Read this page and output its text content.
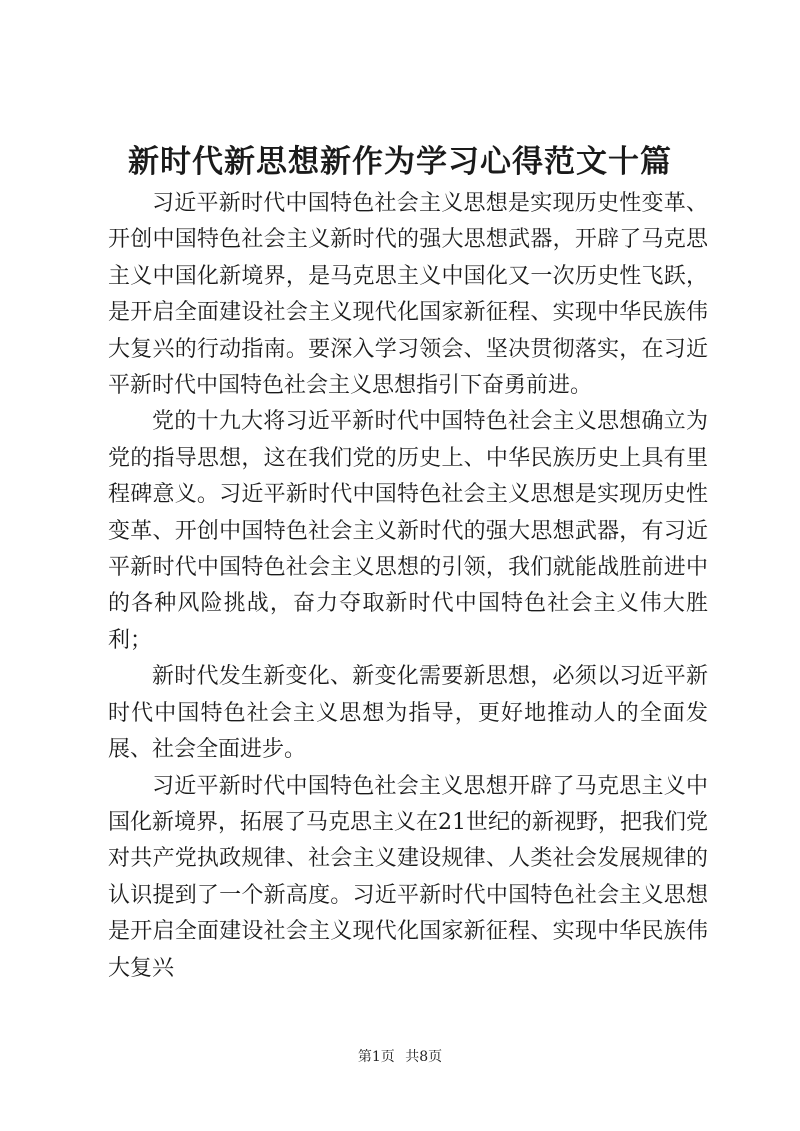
新时代新思想新作为学习心得范文十篇

习近平新时代中国特色社会主义思想是实现历史性变革、开创中国特色社会主义新时代的强大思想武器，开辟了马克思主义中国化新境界，是马克思主义中国化又一次历史性飞跃，是开启全面建设社会主义现代化国家新征程、实现中华民族伟大复兴的行动指南。要深入学习领会、坚决贯彻落实，在习近平新时代中国特色社会主义思想指引下奋勇前进。

党的十九大将习近平新时代中国特色社会主义思想确立为党的指导思想，这在我们党的历史上、中华民族历史上具有里程碑意义。习近平新时代中国特色社会主义思想是实现历史性变革、开创中国特色社会主义新时代的强大思想武器，有习近平新时代中国特色社会主义思想的引领，我们就能战胜前进中的各种风险挑战，奋力夺取新时代中国特色社会主义伟大胜利；

新时代发生新变化、新变化需要新思想，必须以习近平新时代中国特色社会主义思想为指导，更好地推动人的全面发展、社会全面进步。

习近平新时代中国特色社会主义思想开辟了马克思主义中国化新境界，拓展了马克思主义在21世纪的新视野，把我们党对共产党执政规律、社会主义建设规律、人类社会发展规律的认识提到了一个新高度。习近平新时代中国特色社会主义思想是开启全面建设社会主义现代化国家新征程、实现中华民族伟大复兴

第1页 共8页
